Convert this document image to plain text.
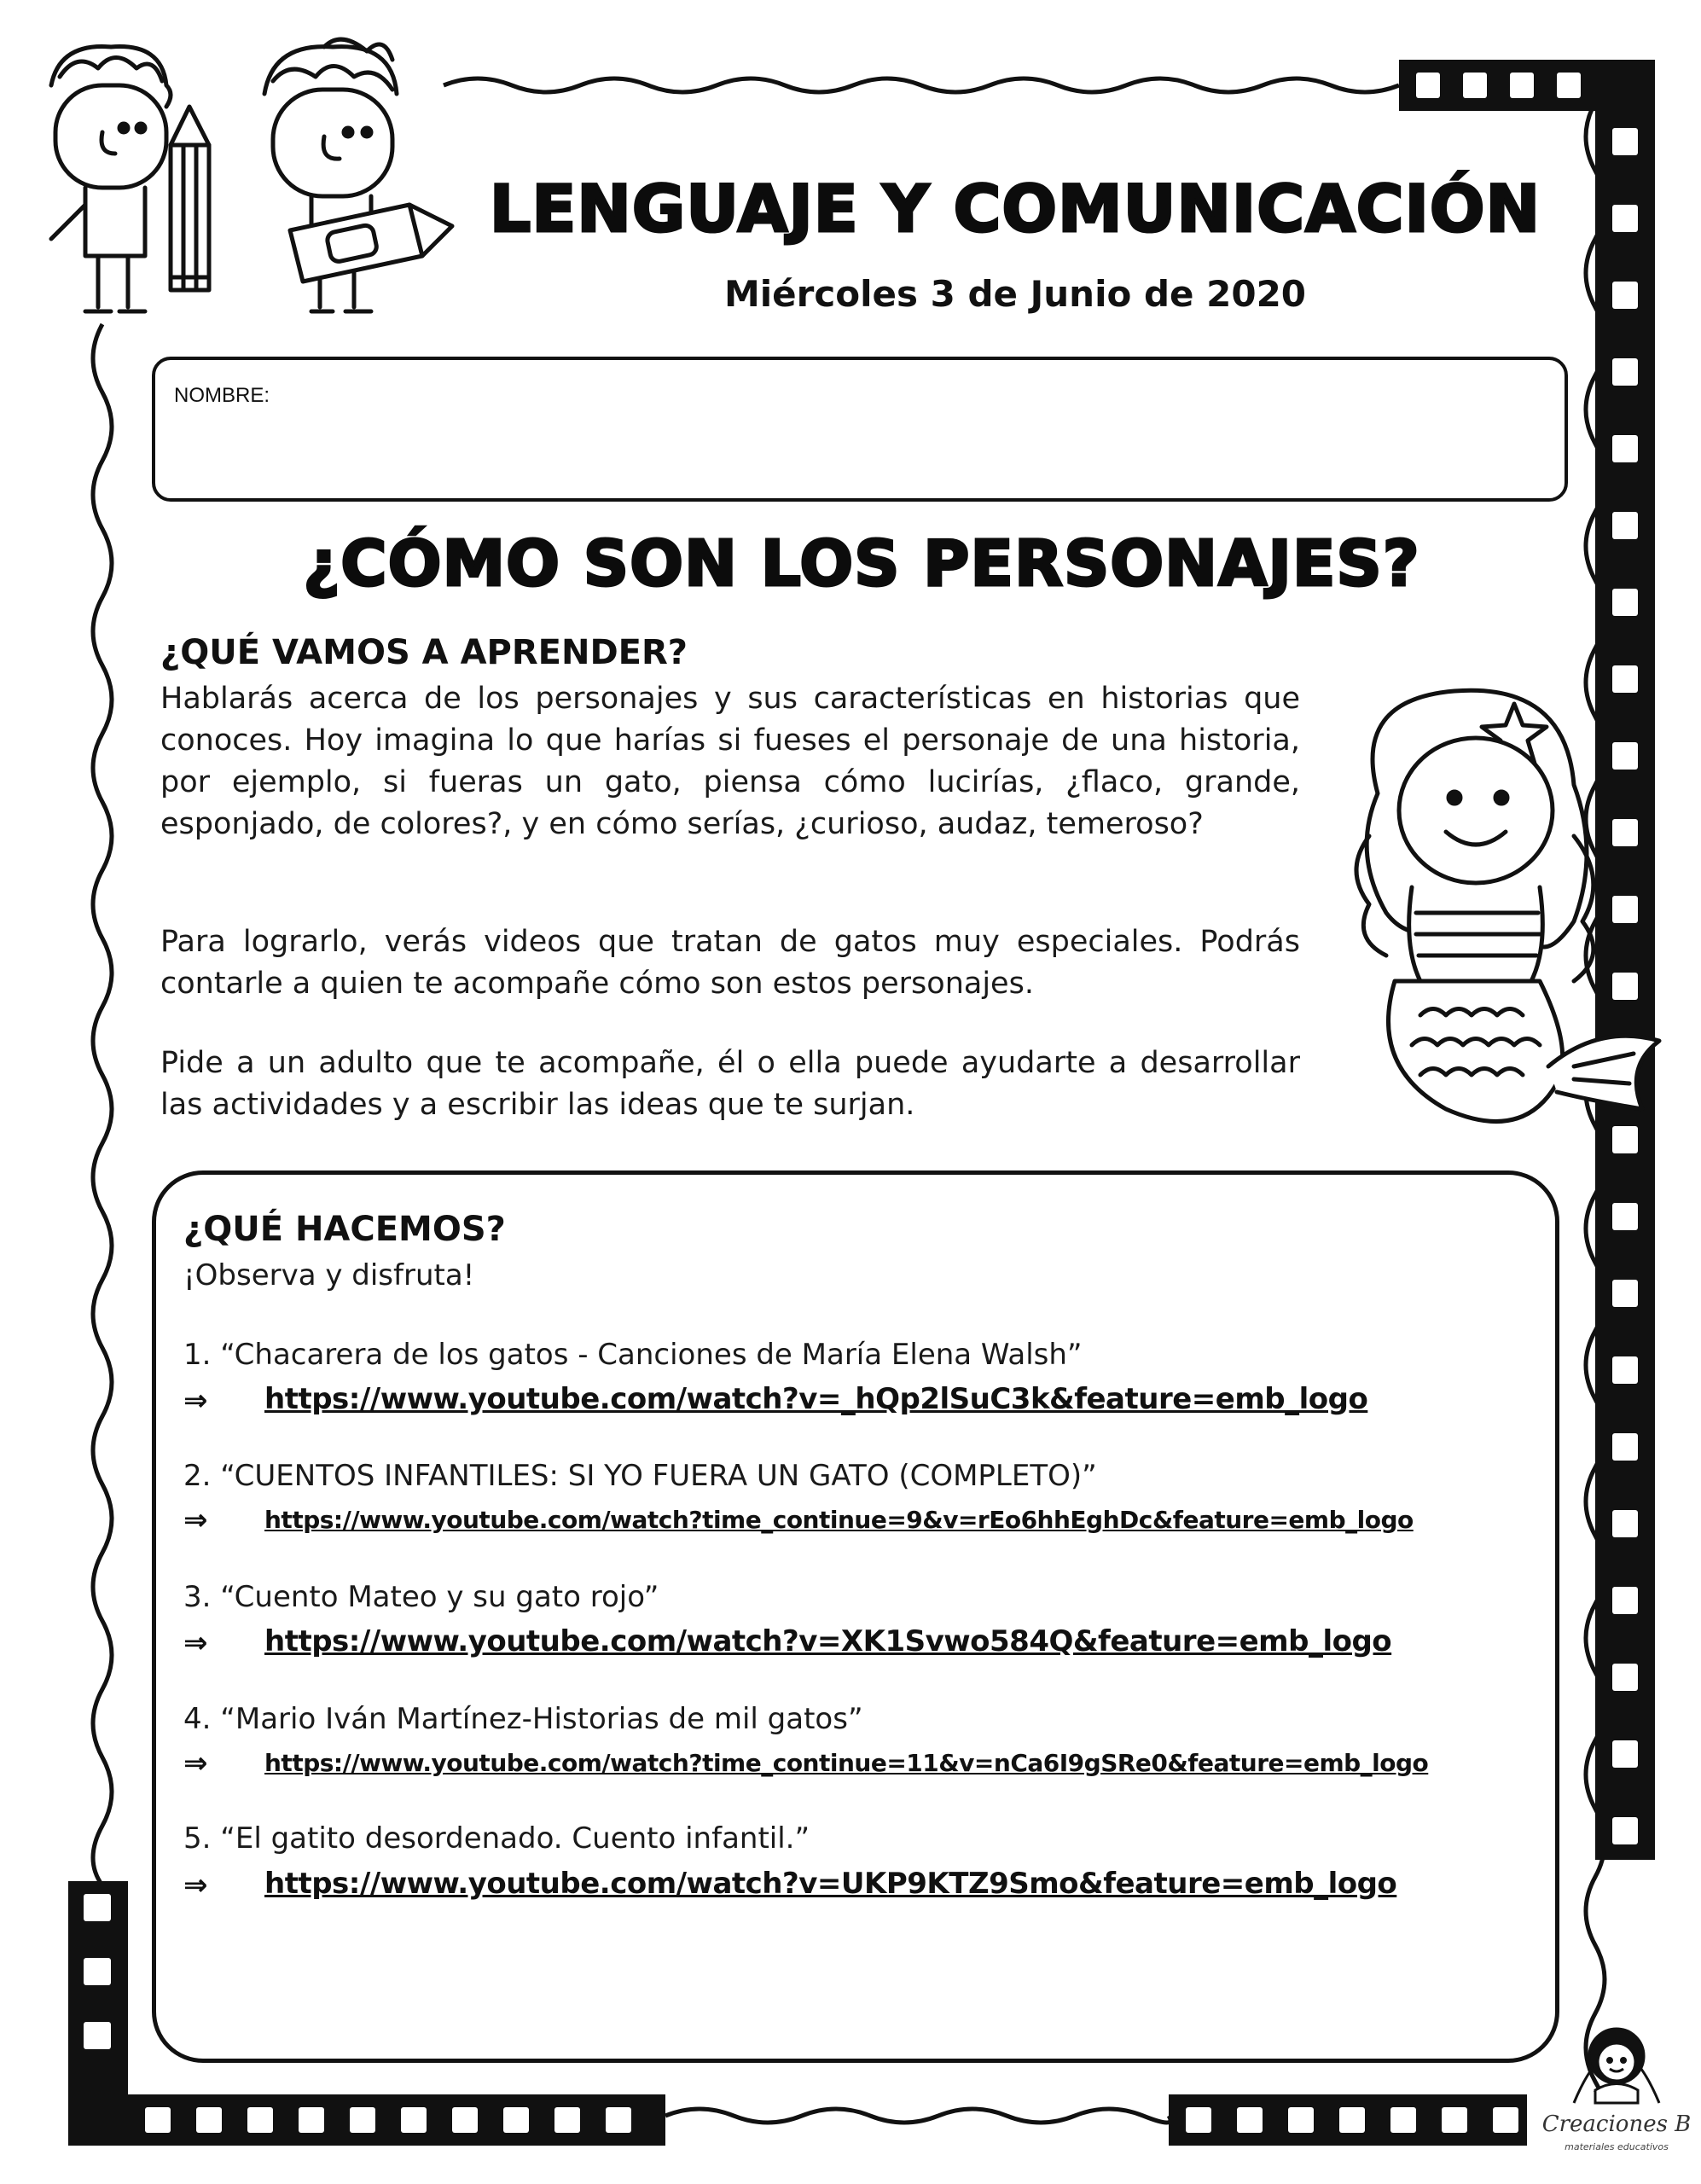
Creaciones B
materiales educativos
LENGUAJE Y COMUNICACIÓN
Miércoles 3 de Junio de 2020
NOMBRE:
¿CÓMO SON LOS PERSONAJES?
¿QUÉ VAMOS A APRENDER?
Hablarás acerca de los personajes y sus características en historias que conoces. Hoy imagina lo que harías si fueses el personaje de una historia, por ejemplo, si fueras un gato, piensa cómo lucirías, ¿flaco, grande, esponjado, de colores?, y en cómo serías, ¿curioso, audaz, temeroso?
Para lograrlo, verás videos que tratan de gatos muy especiales. Podrás contarle a quien te acompañe cómo son estos personajes.
Pide a un adulto que te acompañe, él o ella puede ayudarte a desarrollar las actividades y a escribir las ideas que te surjan.
¿QUÉ HACEMOS?
¡Observa y disfruta!
1. “Chacarera de los gatos - Canciones de María Elena Walsh”
⇒ https://www.youtube.com/watch?v=_hQp2lSuC3k&feature=emb_logo
2. “CUENTOS INFANTILES: SI YO FUERA UN GATO (COMPLETO)”
⇒ https://www.youtube.com/watch?time_continue=9&v=rEo6hhEghDc&feature=emb_logo
3. “Cuento Mateo y su gato rojo”
⇒ https://www.youtube.com/watch?v=XK1Svwo584Q&feature=emb_logo
4. “Mario Iván Martínez-Historias de mil gatos”
⇒ https://www.youtube.com/watch?time_continue=11&v=nCa6I9gSRe0&feature=emb_logo
5. “El gatito desordenado. Cuento infantil.”
⇒ https://www.youtube.com/watch?v=UKP9KTZ9Smo&feature=emb_logo
